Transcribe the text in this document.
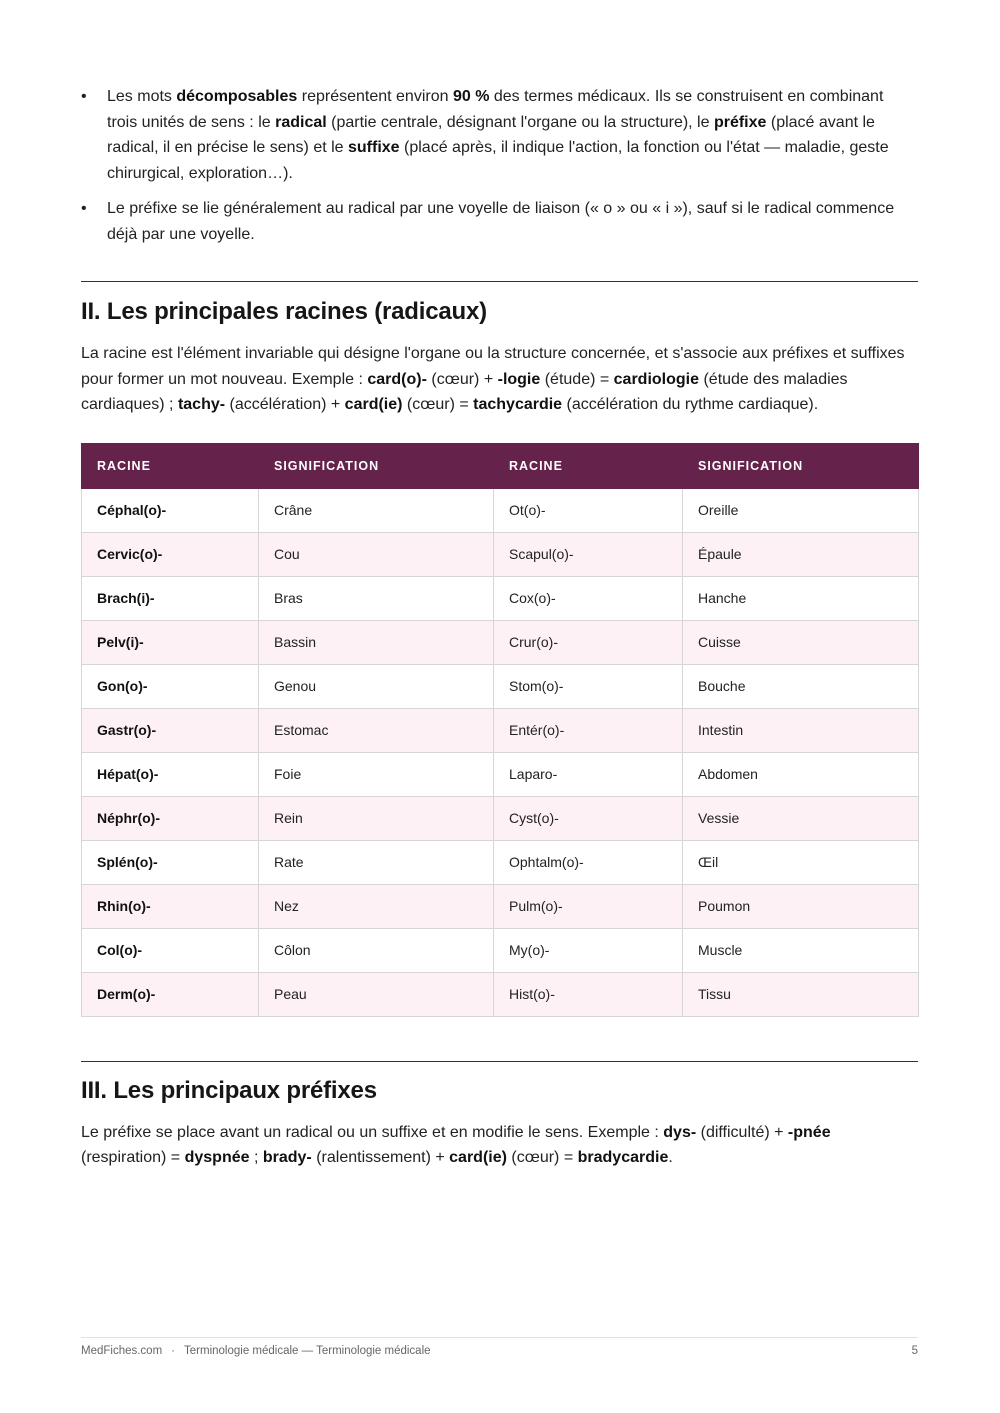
• Les mots décomposables représentent environ 90 % des termes médicaux. Ils se construisent en combinant trois unités de sens : le radical (partie centrale, désignant l'organe ou la structure), le préfixe (placé avant le radical, il en précise le sens) et le suffixe (placé après, il indique l'action, la fonction ou l'état — maladie, geste chirurgical, exploration…).
• Le préfixe se lie généralement au radical par une voyelle de liaison (« o » ou « i »), sauf si le radical commence déjà par une voyelle.
II. Les principales racines (radicaux)

La racine est l'élément invariable qui désigne l'organe ou la structure concernée, et s'associe aux préfixes et suffixes pour former un mot nouveau. Exemple : card(o)- (cœur) + -logie (étude) = cardiologie (étude des maladies cardiaques) ; tachy- (accélération) + card(ie) (cœur) = tachycardie (accélération du rythme cardiaque).

RACINE	SIGNIFICATION	RACINE	SIGNIFICATION
Céphal(o)-	Crâne	Ot(o)-	Oreille
Cervic(o)-	Cou	Scapul(o)-	Épaule
Brach(i)-	Bras	Cox(o)-	Hanche
Pelv(i)-	Bassin	Crur(o)-	Cuisse
Gon(o)-	Genou	Stom(o)-	Bouche
Gastr(o)-	Estomac	Entér(o)-	Intestin
Hépat(o)-	Foie	Laparo-	Abdomen
Néphr(o)-	Rein	Cyst(o)-	Vessie
Splén(o)-	Rate	Ophtalm(o)-	Œil
Rhin(o)-	Nez	Pulm(o)-	Poumon
Col(o)-	Côlon	My(o)-	Muscle
Derm(o)-	Peau	Hist(o)-	Tissu
III. Les principaux préfixes

Le préfixe se place avant un radical ou un suffixe et en modifie le sens. Exemple : dys- (difficulté) + -pnée (respiration) = dyspnée ; brady- (ralentissement) + card(ie) (cœur) = bradycardie.

MedFiches.com · Terminologie médicale — Terminologie médicale	5
